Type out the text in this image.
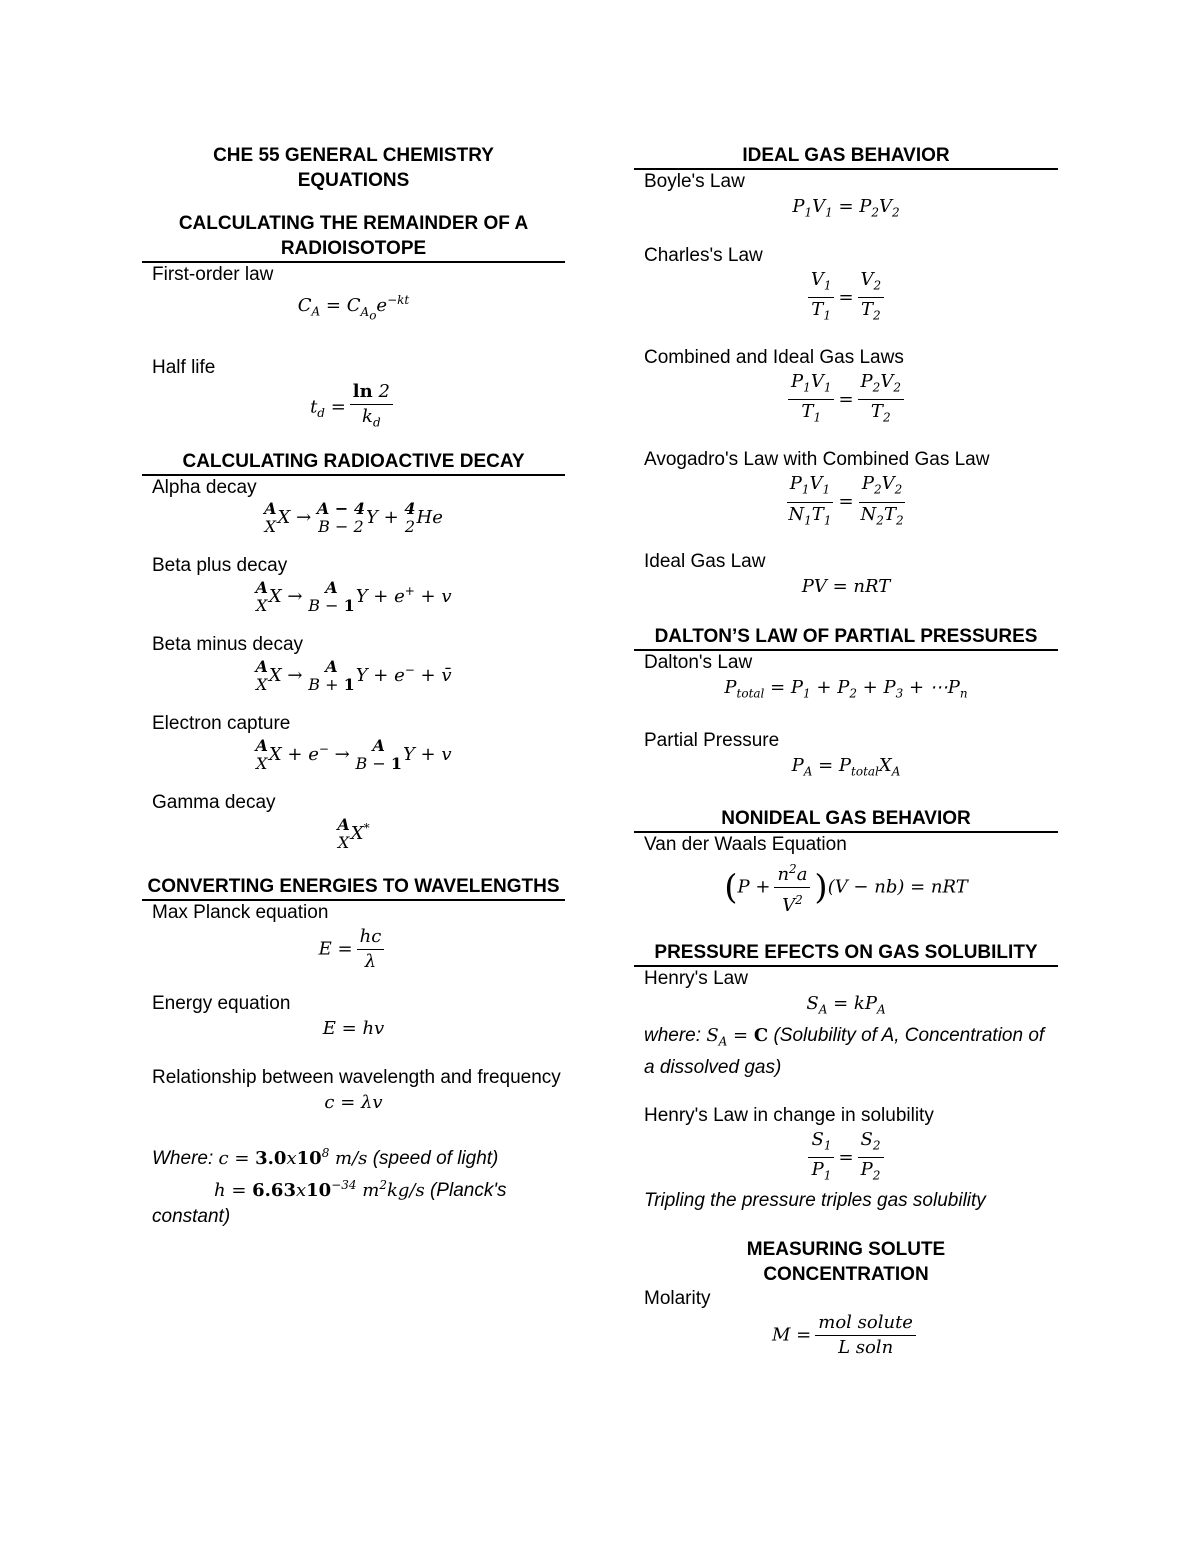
CHE 55 GENERAL CHEMISTRY
EQUATIONS
CALCULATING THE REMAINDER OF A RADIOISOTOPE
First-order law
$C_A = C_{A_o}e^{-kt}$
Half life
$t_d = \frac{\ln 2}{k_d}$
CALCULATING RADIOACTIVE DECAY
Alpha decay
A
X X → A − 4
B − 2 Y + 4
2 He
Beta plus decay
A
X X → A
B − 1 Y + e+ + v
Beta minus decay
A
X X → A
B + 1 Y + e− + v̄
Electron capture
A
X X + e− → A
B − 1 Y + v
Gamma decay
A
X X*
CONVERTING ENERGIES TO WAVELENGTHS
Max Planck equation
$E = \frac{hc}{\lambda}$
Energy equation
E = hv
Relationship between wavelength and frequency
c = λv
Where: $c = 3.0x10^8$ m/s (speed of light)
$h = 6.63x10^{-34}$ $m^2kg/s$ (Planck's constant)
IDEAL GAS BEHAVIOR
Boyle's Law
$P_1V_1 = P_2V_2$
Charles's Law
$\frac{V_1}{T_1} = \frac{V_2}{T_2}$
Combined and Ideal Gas Laws
$\frac{P_1V_1}{T_1} = \frac{P_2V_2}{T_2}$
Avogadro's Law with Combined Gas Law
$\frac{P_1V_1}{N_1T_1} = \frac{P_2V_2}{N_2T_2}$
Ideal Gas Law
PV = nRT
DALTON’S LAW OF PARTIAL PRESSURES
Dalton's Law
$P_{total} = P_1 + P_2 + P_3$ + $\cdots P_n$
Partial Pressure
$P_A = P_{total}X_A$
NONIDEAL GAS BEHAVIOR
Van der Waals Equation
$(P + \frac{n^2a}{V^2} )(V - nb)$ = nRT
PRESSURE EFECTS ON GAS SOLUBILITY
Henry's Law
$S_A = kP_A$
where: $S_A = C$ (Solubility of A, Concentration of a dissolved gas)
Henry's Law in change in solubility
$\frac{S_1}{P_1} = \frac{S_2}{P_2}$
Tripling the pressure triples gas solubility
MEASURING SOLUTE CONCENTRATION
Molarity
$M = \frac{\text{mol solute}}{\text{L soln}}$
